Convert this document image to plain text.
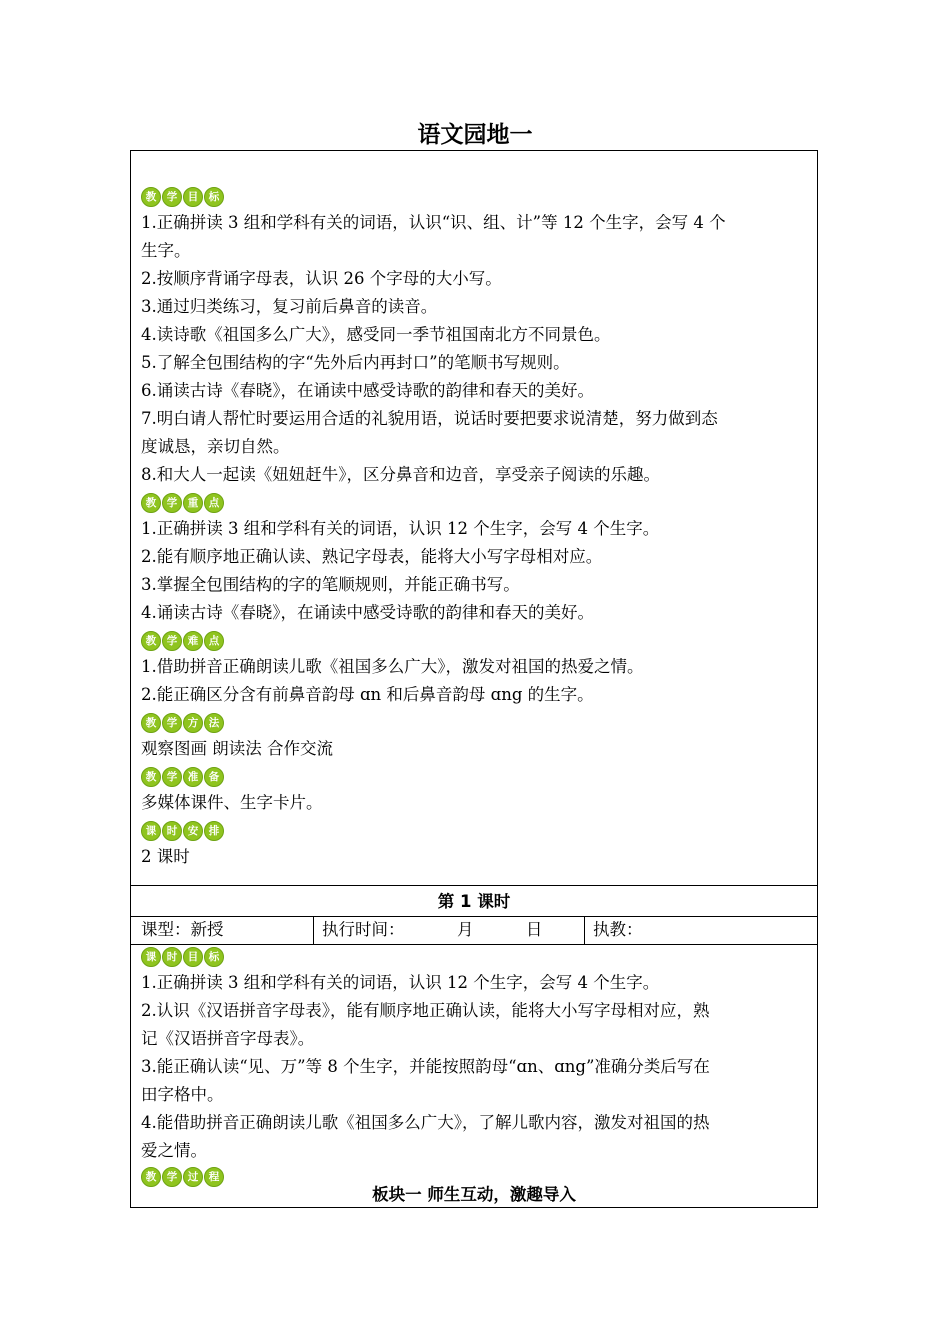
语文园地一
教	学	目	标
1.正确拼读 3 组和学科有关的词语，认识“识、组、计”等 12 个生字，会写 4 个
生字。
2.按顺序背诵字母表，认识 26 个字母的大小写。
3.通过归类练习，复习前后鼻音的读音。
4.读诗歌《祖国多么广大》，感受同一季节祖国南北方不同景色。
5.了解全包围结构的字“先外后内再封口”的笔顺书写规则。
6.诵读古诗《春晓》，在诵读中感受诗歌的韵律和春天的美好。
7.明白请人帮忙时要运用合适的礼貌用语，说话时要把要求说清楚，努力做到态
度诚恳，亲切自然。
8.和大人一起读《妞妞赶牛》，区分鼻音和边音，享受亲子阅读的乐趣。
教	学	重	点
1.正确拼读 3 组和学科有关的词语，认识 12 个生字，会写 4 个生字。
2.能有顺序地正确认读、熟记字母表，能将大小写字母相对应。
3.掌握全包围结构的字的笔顺规则，并能正确书写。
4.诵读古诗《春晓》，在诵读中感受诗歌的韵律和春天的美好。
教	学	难	点
1.借助拼音正确朗读儿歌《祖国多么广大》，激发对祖国的热爱之情。
2.能正确区分含有前鼻音韵母 ɑn 和后鼻音韵母 ɑng 的生字。
教	学	方	法
观察图画 朗读法 合作交流
教	学	准	备
多媒体课件、生字卡片。
课	时	安	排
2 课时
第 1 课时
课型：新授	执行时间：          月          日	执教：
课	时	目	标
1.正确拼读 3 组和学科有关的词语，认识 12 个生字，会写 4 个生字。
2.认识《汉语拼音字母表》，能有顺序地正确认读，能将大小写字母相对应，熟
记《汉语拼音字母表》。
3.能正确认读“见、万”等 8 个生字，并能按照韵母“ɑn、ɑng”准确分类后写在
田字格中。
4.能借助拼音正确朗读儿歌《祖国多么广大》，了解儿歌内容，激发对祖国的热
爱之情。
教	学	过	程
板块一 师生互动，激趣导入
